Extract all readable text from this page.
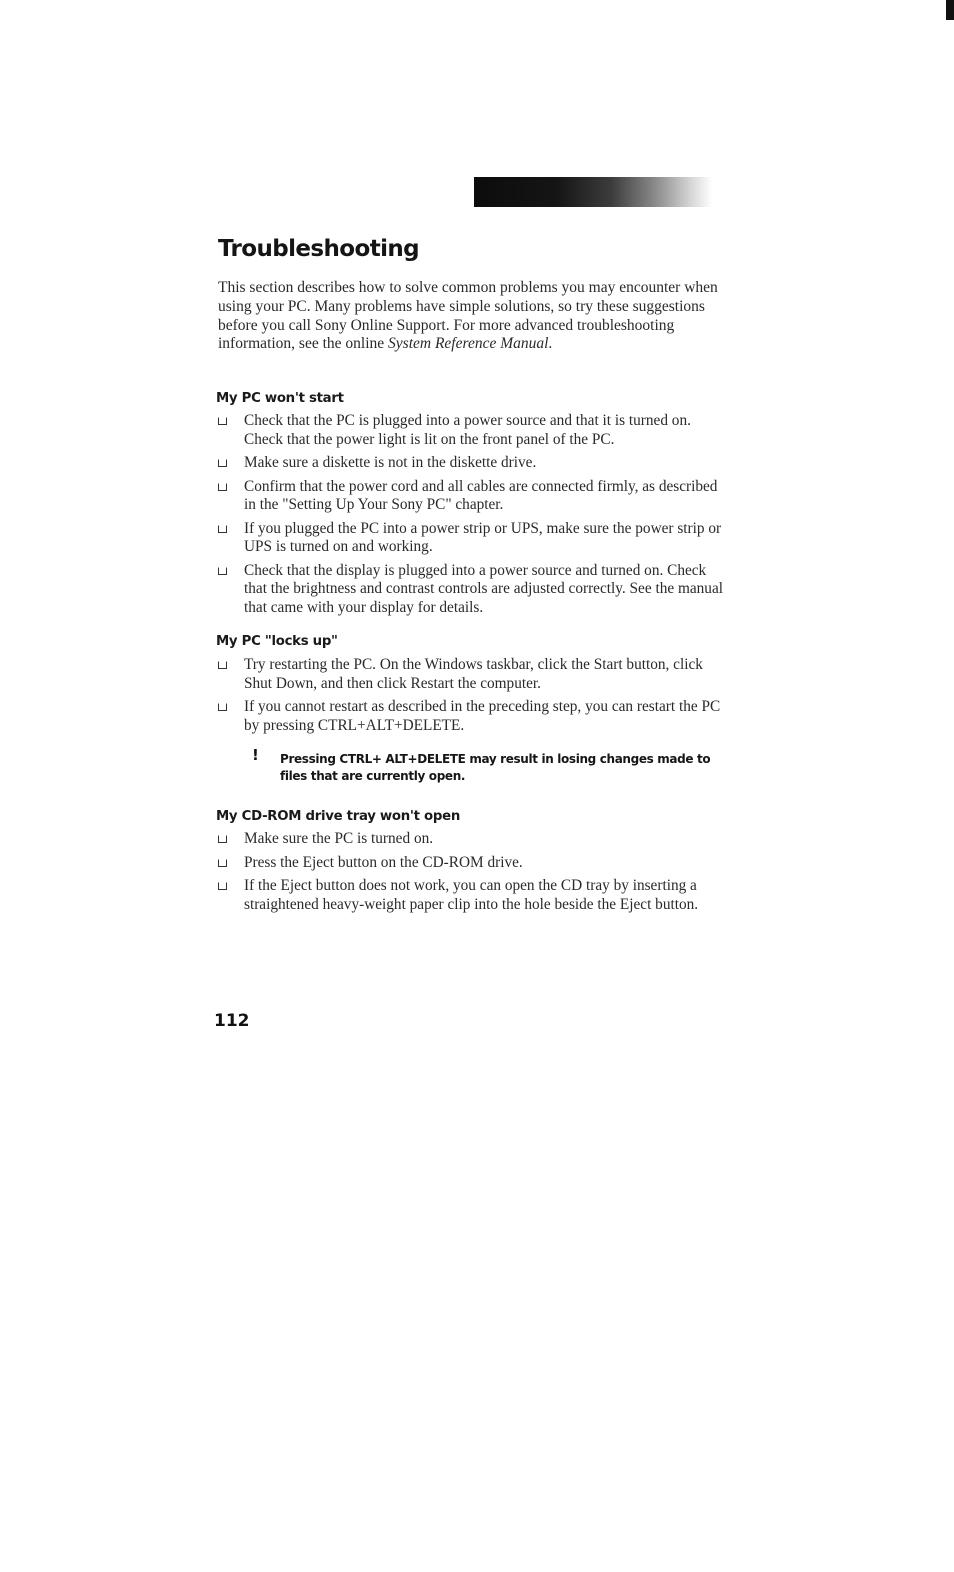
Troubleshooting

This section describes how to solve common problems you may encounter when using your PC. Many problems have simple solutions, so try these suggestions before you call Sony Online Support. For more advanced troubleshooting information, see the online System Reference Manual.

My PC won't start
Check that the PC is plugged into a power source and that it is turned on. Check that the power light is lit on the front panel of the PC.
Make sure a diskette is not in the diskette drive.
Confirm that the power cord and all cables are connected firmly, as described in the "Setting Up Your Sony PC" chapter.
If you plugged the PC into a power strip or UPS, make sure the power strip or UPS is turned on and working.
Check that the display is plugged into a power source and turned on. Check that the brightness and contrast controls are adjusted correctly. See the manual that came with your display for details.
My PC "locks up"
Try restarting the PC. On the Windows taskbar, click the Start button, click Shut Down, and then click Restart the computer.
If you cannot restart as described in the preceding step, you can restart the PC by pressing CTRL+ALT+DELETE.
! Pressing CTRL+ ALT+DELETE may result in losing changes made to files that are currently open.

My CD-ROM drive tray won't open
Make sure the PC is turned on.
Press the Eject button on the CD-ROM drive.
If the Eject button does not work, you can open the CD tray by inserting a straightened heavy-weight paper clip into the hole beside the Eject button.
112
